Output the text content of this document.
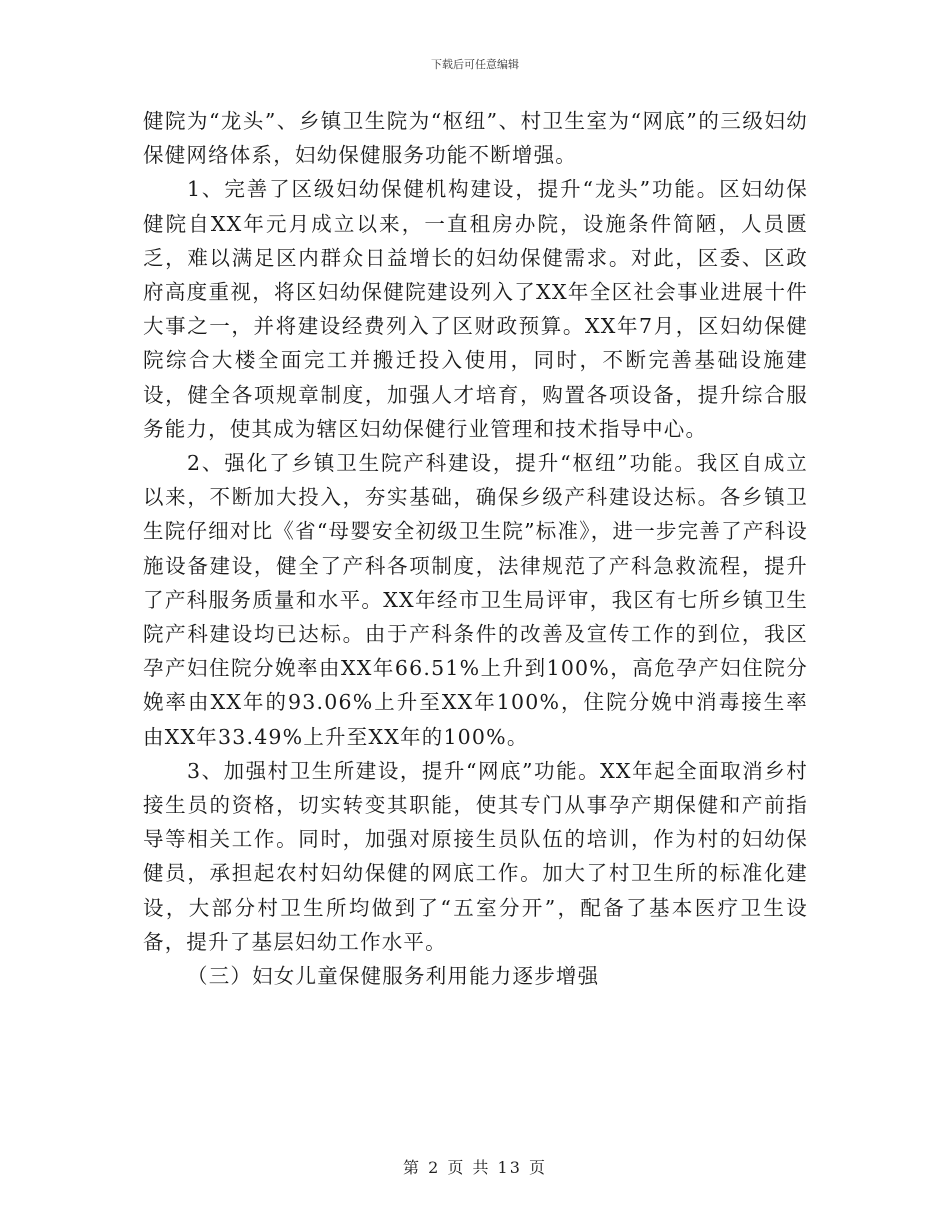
下载后可任意编辑

健院为“龙头”、乡镇卫生院为“枢纽”、村卫生室为“网底”的三级妇幼保健网络体系，妇幼保健服务功能不断增强。

1、完善了区级妇幼保健机构建设，提升“龙头”功能。区妇幼保健院自XX年元月成立以来，一直租房办院，设施条件简陋，人员匮乏，难以满足区内群众日益增长的妇幼保健需求。对此，区委、区政府高度重视，将区妇幼保健院建设列入了XX年全区社会事业进展十件大事之一，并将建设经费列入了区财政预算。XX年7月，区妇幼保健院综合大楼全面完工并搬迁投入使用，同时，不断完善基础设施建设，健全各项规章制度，加强人才培育，购置各项设备，提升综合服务能力，使其成为辖区妇幼保健行业管理和技术指导中心。

2、强化了乡镇卫生院产科建设，提升“枢纽”功能。我区自成立以来，不断加大投入，夯实基础，确保乡级产科建设达标。各乡镇卫生院仔细对比《省“母婴安全初级卫生院”标准》，进一步完善了产科设施设备建设，健全了产科各项制度，法律规范了产科急救流程，提升了产科服务质量和水平。XX年经市卫生局评审，我区有七所乡镇卫生院产科建设均已达标。由于产科条件的改善及宣传工作的到位，我区孕产妇住院分娩率由XX年66.51%上升到100%，高危孕产妇住院分娩率由XX年的93.06%上升至XX年100%，住院分娩中消毒接生率由XX年33.49%上升至XX年的100%。

3、加强村卫生所建设，提升“网底”功能。XX年起全面取消乡村接生员的资格，切实转变其职能，使其专门从事孕产期保健和产前指导等相关工作。同时，加强对原接生员队伍的培训，作为村的妇幼保健员，承担起农村妇幼保健的网底工作。加大了村卫生所的标准化建设，大部分村卫生所均做到了“五室分开”，配备了基本医疗卫生设备，提升了基层妇幼工作水平。

（三）妇女儿童保健服务利用能力逐步增强

第 2 页 共 13 页
